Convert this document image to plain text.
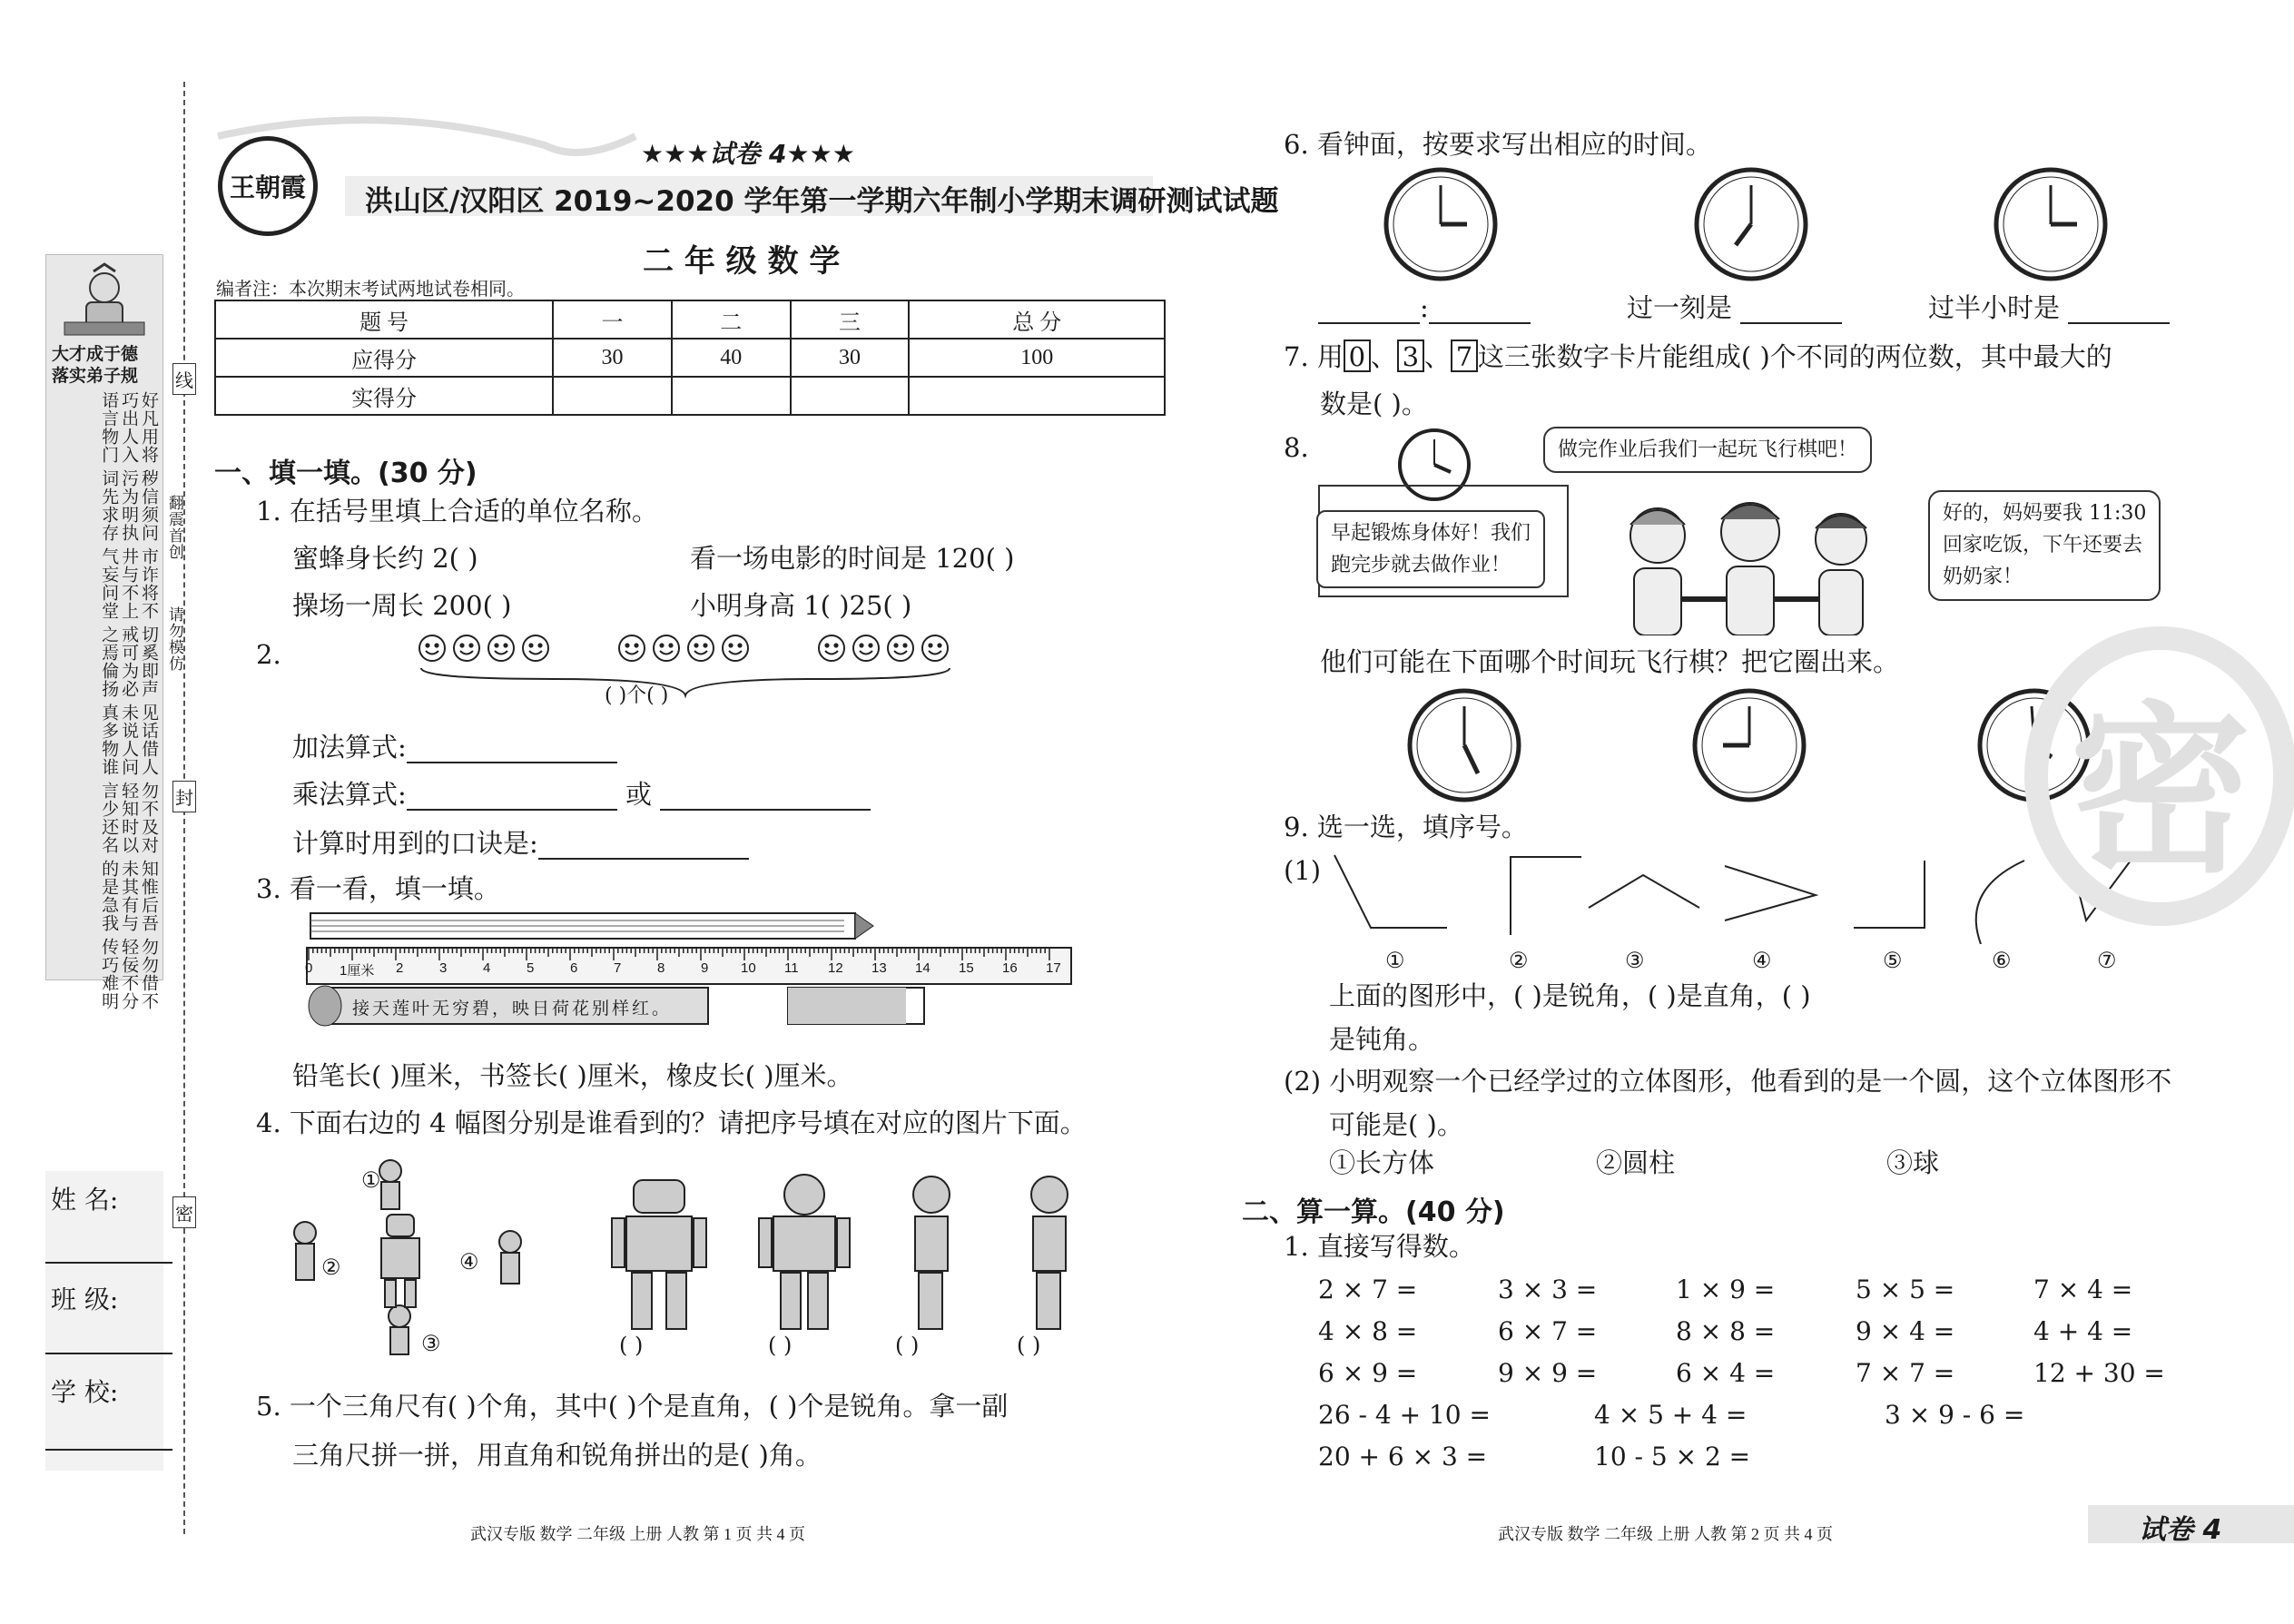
线
封
密
翻震首创
请勿模仿
大才成于德
落实弟子规
好凡用将
巧出人入
语言物门
秽信须问
污为明执
词先求存
市诈将不
井与不上
气妄问堂
切奚即声
戒可为必
之焉倫扬
见话借人
未说人问
真多物谁
勿不及对
轻知时以
言少还名
知惟后吾
未其有与
的是急我
勿勿借不
轻佞不分
传巧难明
姓 名:
班 级:
学 校:
王朝霞
★★★试卷 4★★★
洪山区/汉阳区 2019~2020 学年第一学期六年制小学期末调研测试试题
二 年 级 数 学
编者注：本次期末考试两地试卷相同。
题 号	一	二	三	总 分
应得分	30	40	30	100
实得分				
一、填一填。(30 分)
1. 在括号里填上合适的单位名称。
蜜蜂身长约 2( )	看一场电影的时间是 120( )
操场一周长 200( )	小明身高 1( )25( )
2.
( )个( )
加法算式:
乘法算式:	或
计算时用到的口诀是:
3. 看一看，填一填。
0 1厘米 2	3	4	5	6	7	8	9 10 11 12 13 14 15 16 17
接天莲叶无穷碧，映日荷花别样红。
铅笔长( )厘米，书签长( )厘米，橡皮长( )厘米。
4. 下面右边的 4 幅图分别是谁看到的？请把序号填在对应的图片下面。
①
②
③
④
( )	( )	( )	( )
5. 一个三角尺有( )个角，其中( )个是直角，( )个是锐角。拿一副
三角尺拼一拼，用直角和锐角拼出的是( )角。
6. 看钟面，按要求写出相应的时间。
:	过一刻是	过半小时是
7. 用 0 、 3 、 7 这三张数字卡片能组成( )个不同的两位数，其中最大的
数是( )。
8.	做完作业后我们一起玩飞行棋吧！
早起锻炼身体好！我们
跑完步就去做作业！
好的，妈妈要我 11:30
回家吃饭，下午还要去
奶奶家！
他们可能在下面哪个时间玩飞行棋？把它圈出来。
9. 选一选，填序号。
(1)
①	②	③	④	⑤	⑥	⑦
上面的图形中，( )是锐角，( )是直角，( )
是钝角。
(2) 小明观察一个已经学过的立体图形，他看到的是一个圆，这个立体图形不
可能是( )。
①长方体	②圆柱	③球
二、算一算。(40 分)
1. 直接写得数。
2 × 7 =	3 × 3 =	1 × 9 =	5 × 5 =	7 × 4 =
4 × 8 =	6 × 7 =	8 × 8 =	9 × 4 =	4 + 4 =
6 × 9 =	9 × 9 =	6 × 4 =	7 × 7 =	12 + 30 =
26 - 4 + 10 =	4 × 5 + 4 =	3 × 9 - 6 =
20 + 6 × 3 =	10 - 5 × 2 =
密
武汉专版 数学 二年级 上册 人教 第 1 页 共 4 页	武汉专版 数学 二年级 上册 人教 第 2 页 共 4 页	试卷 4
